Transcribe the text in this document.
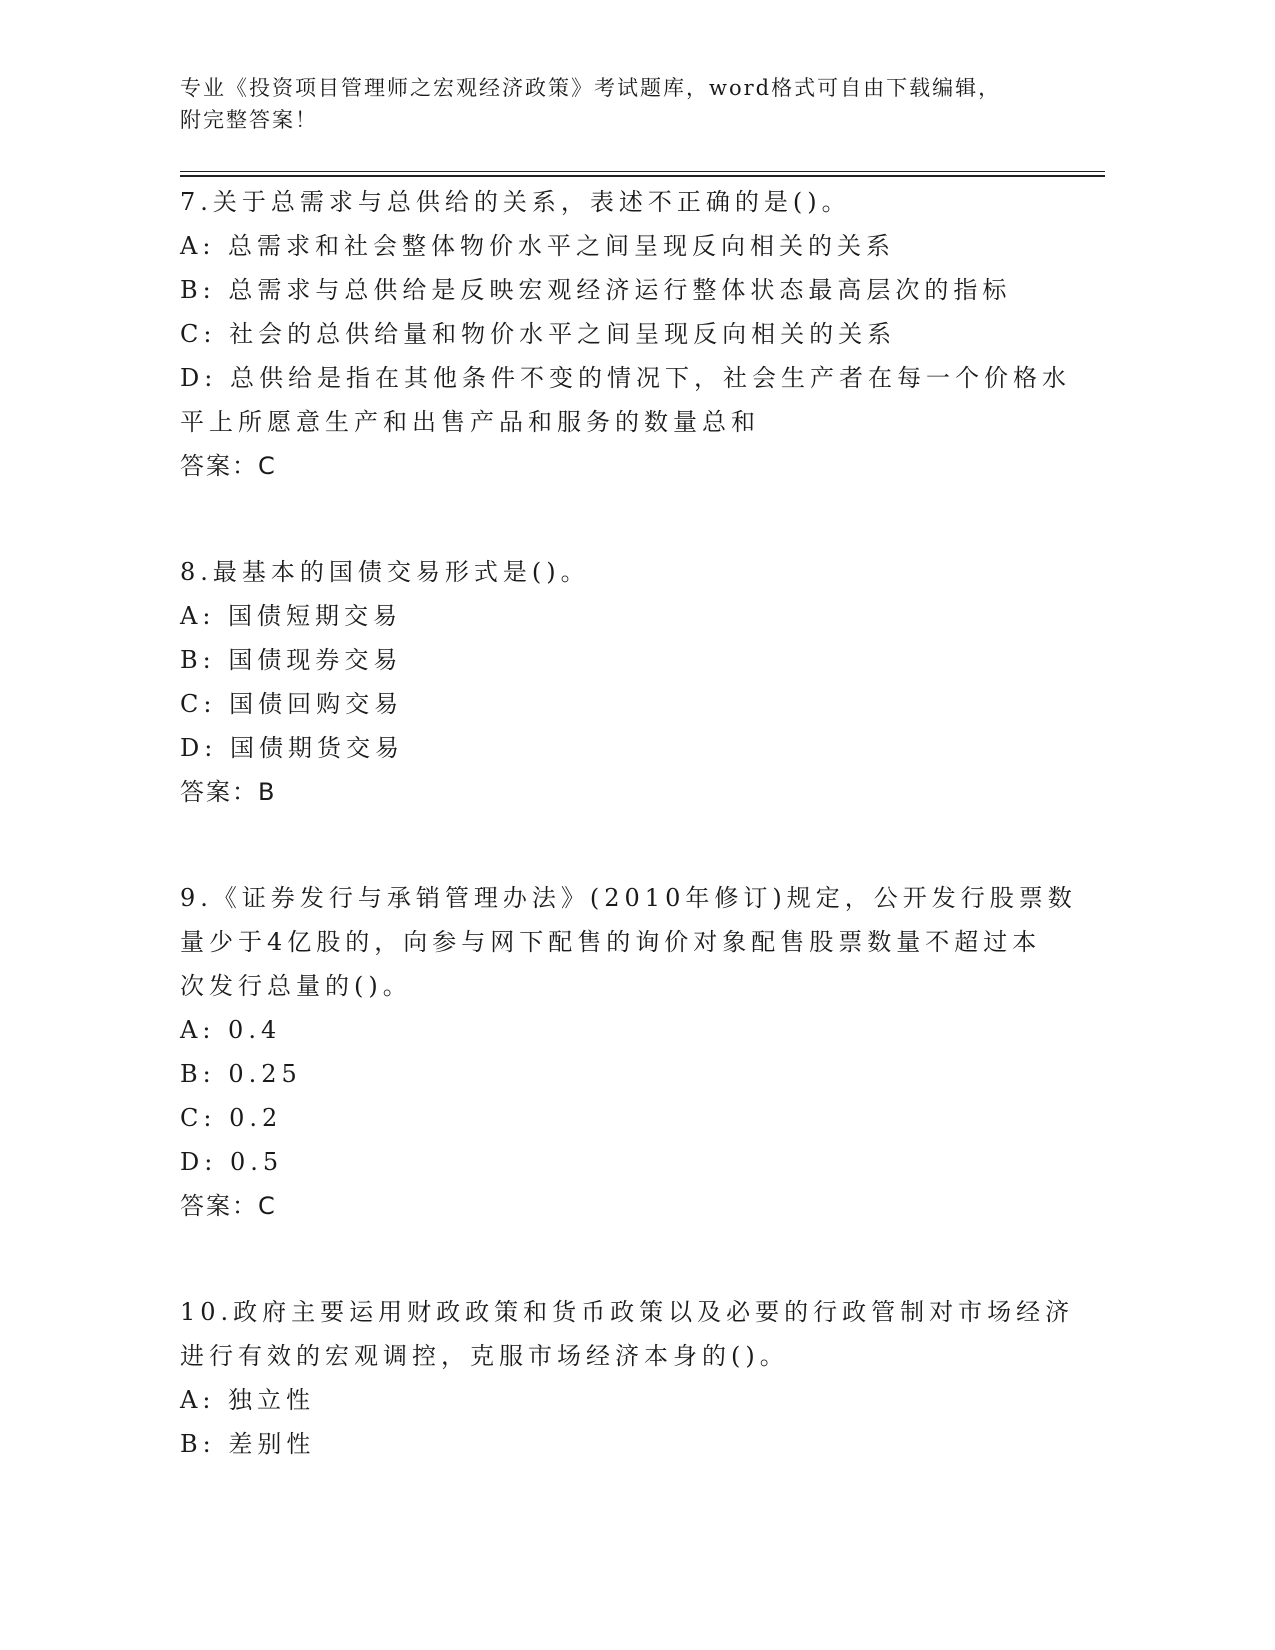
专业《投资项目管理师之宏观经济政策》考试题库，word格式可自由下载编辑，
附完整答案！
7.关于总需求与总供给的关系，表述不正确的是()。
A: 总需求和社会整体物价水平之间呈现反向相关的关系
B: 总需求与总供给是反映宏观经济运行整体状态最高层次的指标
C: 社会的总供给量和物价水平之间呈现反向相关的关系
D: 总供给是指在其他条件不变的情况下，社会生产者在每一个价格水
平上所愿意生产和出售产品和服务的数量总和
答案：C
8.最基本的国债交易形式是()。
A: 国债短期交易
B: 国债现券交易
C: 国债回购交易
D: 国债期货交易
答案：B
9.《证券发行与承销管理办法》(2010年修订)规定，公开发行股票数
量少于4亿股的，向参与网下配售的询价对象配售股票数量不超过本
次发行总量的()。
A: 0.4
B: 0.25
C: 0.2
D: 0.5
答案：C
10.政府主要运用财政政策和货币政策以及必要的行政管制对市场经济
进行有效的宏观调控，克服市场经济本身的()。
A: 独立性
B: 差别性
